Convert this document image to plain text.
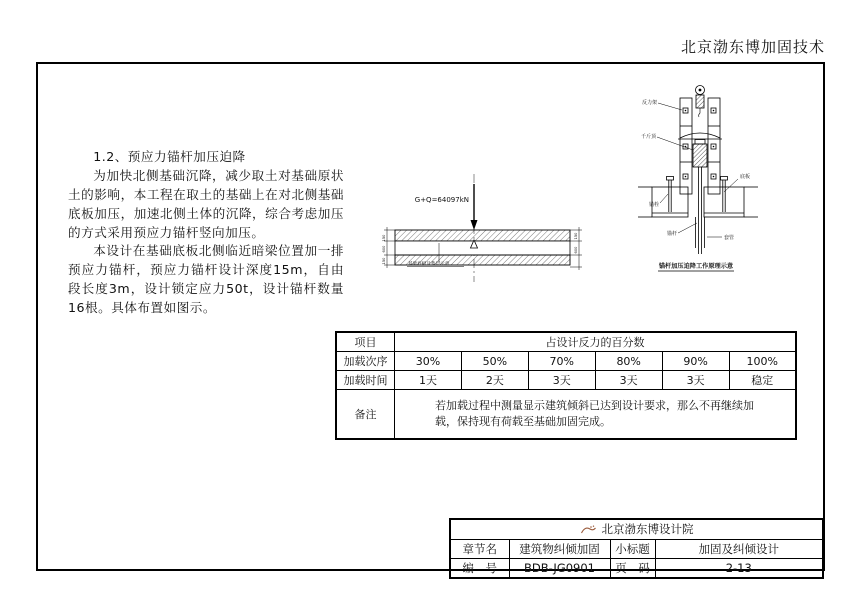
北京渤东博加固技术

1.2、预应力锚杆加压迫降

为加快北侧基础沉降，减少取土对基础原状土的影响，本工程在取土的基础上在对北侧基础底板加压，加速北侧土体的沉降，综合考虑加压的方式采用预应力锚杆竖向加压。

本设计在基础底板北侧临近暗梁位置加一排预应力锚杆，预应力锚杆设计深度15m，自由段长度3m，设计锁定应力50t，设计锚杆数量16根。具体布置如图示。

G+Q=64097kN
150
600
150
150
600
基础底板及垫层示意
反力架
千斤顶
底板
锚栓
锚杆
套管
锚杆加压迫降工作原理示意
项目	占设计反力的百分数					
加载次序	30%	50%	70%	80%	90%	100%
加载时间	1天	2天	3天	3天	3天	稳定
备注	若加载过程中测量显示建筑倾斜已达到设计要求，那么不再继续加载，保持现有荷载至基础加固完成。					
北京渤东博设计院			

章节名	建筑物纠倾加固	小标题	加固及纠倾设计
编　号	BDB-JG0901	页　码	2-13
